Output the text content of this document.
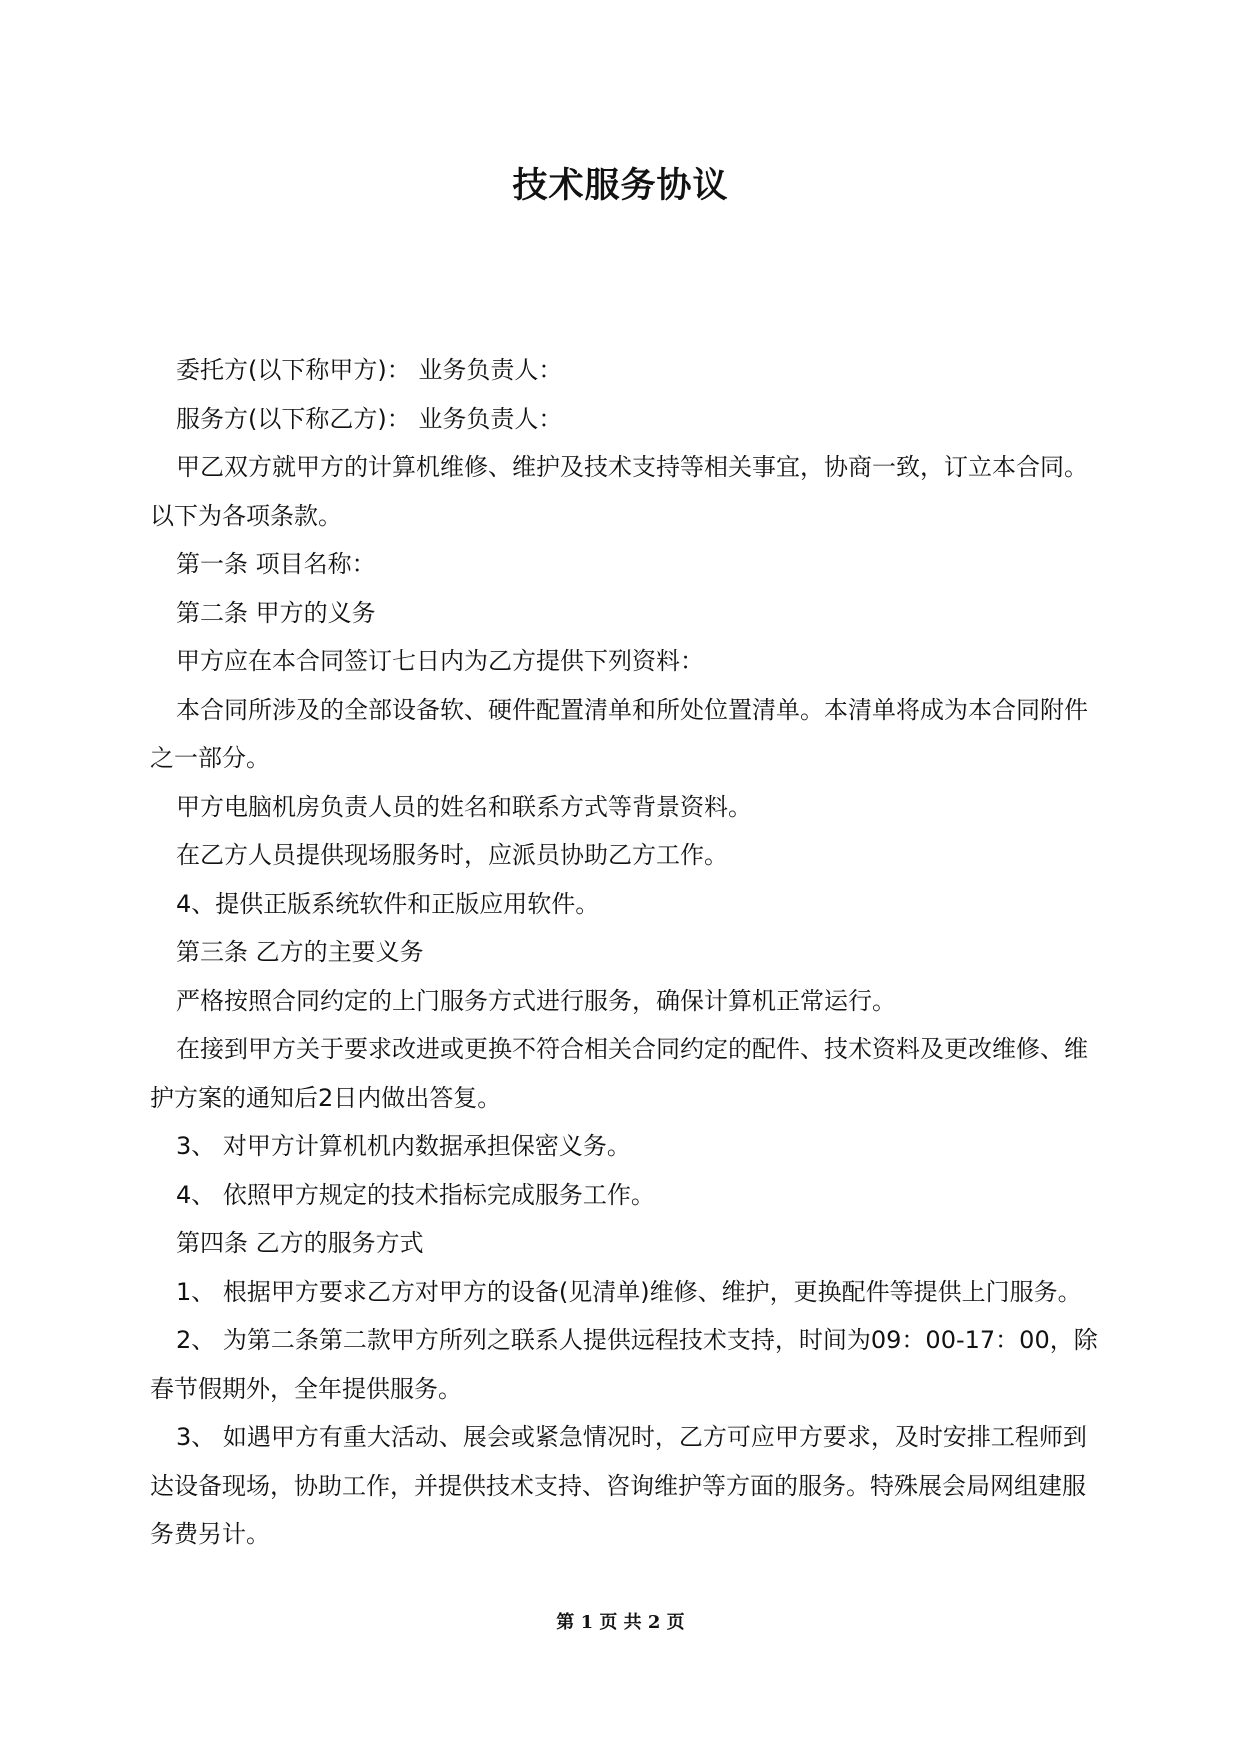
技术服务协议

委托方(以下称甲方)： 业务负责人：

服务方(以下称乙方)： 业务负责人：

甲乙双方就甲方的计算机维修、维护及技术支持等相关事宜，协商一致，订立本合同。以下为各项条款。

第一条 项目名称：

第二条 甲方的义务

甲方应在本合同签订七日内为乙方提供下列资料：

本合同所涉及的全部设备软、硬件配置清单和所处位置清单。本清单将成为本合同附件之一部分。

甲方电脑机房负责人员的姓名和联系方式等背景资料。

在乙方人员提供现场服务时，应派员协助乙方工作。

4、提供正版系统软件和正版应用软件。

第三条 乙方的主要义务

严格按照合同约定的上门服务方式进行服务，确保计算机正常运行。

在接到甲方关于要求改进或更换不符合相关合同约定的配件、技术资料及更改维修、维护方案的通知后2日内做出答复。

3、 对甲方计算机机内数据承担保密义务。

4、 依照甲方规定的技术指标完成服务工作。

第四条 乙方的服务方式

1、 根据甲方要求乙方对甲方的设备(见清单)维修、维护，更换配件等提供上门服务。

2、 为第二条第二款甲方所列之联系人提供远程技术支持，时间为09：00-17：00，除春节假期外，全年提供服务。

3、 如遇甲方有重大活动、展会或紧急情况时，乙方可应甲方要求，及时安排工程师到达设备现场，协助工作，并提供技术支持、咨询维护等方面的服务。特殊展会局网组建服务费另计。

第 1 页 共 2 页
